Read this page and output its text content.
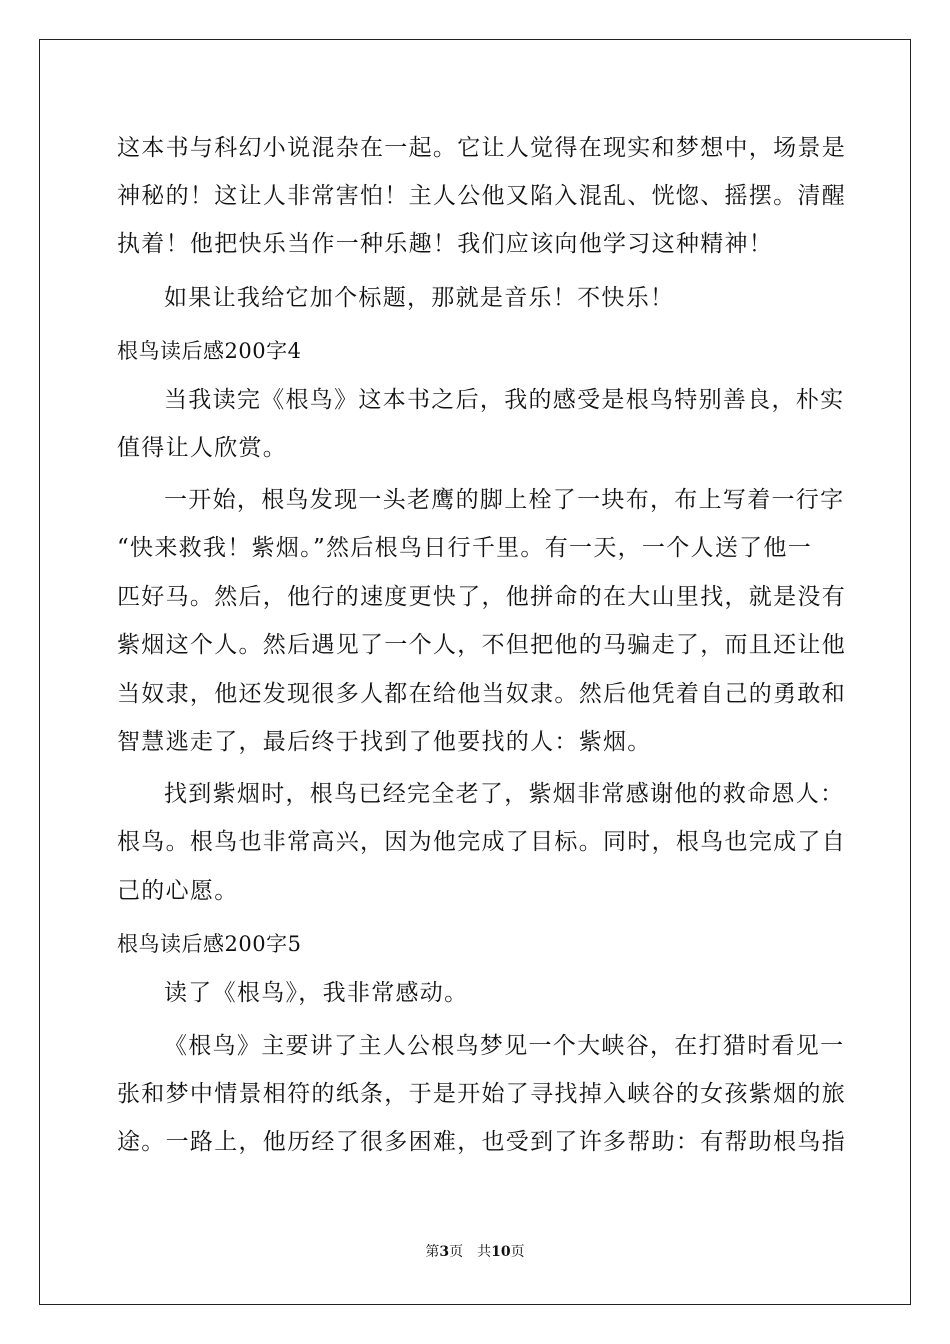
这本书与科幻小说混杂在一起。它让人觉得在现实和梦想中，场景是
神秘的！这让人非常害怕！主人公他又陷入混乱、恍惚、摇摆。清醒
执着！他把快乐当作一种乐趣！我们应该向他学习这种精神！
如果让我给它加个标题，那就是音乐！不快乐！
根鸟读后感200字4
当我读完《根鸟》这本书之后，我的感受是根鸟特别善良，朴实
值得让人欣赏。
一开始，根鸟发现一头老鹰的脚上栓了一块布，布上写着一行字
“快来救我！紫烟。”然后根鸟日行千里。有一天，一个人送了他一
匹好马。然后，他行的速度更快了，他拼命的在大山里找，就是没有
紫烟这个人。然后遇见了一个人，不但把他的马骗走了，而且还让他
当奴隶，他还发现很多人都在给他当奴隶。然后他凭着自己的勇敢和
智慧逃走了，最后终于找到了他要找的人：紫烟。
找到紫烟时，根鸟已经完全老了，紫烟非常感谢他的救命恩人：
根鸟。根鸟也非常高兴，因为他完成了目标。同时，根鸟也完成了自
己的心愿。
根鸟读后感200字5
读了《根鸟》，我非常感动。
《根鸟》主要讲了主人公根鸟梦见一个大峡谷，在打猎时看见一
张和梦中情景相符的纸条，于是开始了寻找掉入峡谷的女孩紫烟的旅
途。一路上，他历经了很多困难，也受到了许多帮助：有帮助根鸟指
第3页 共10页
